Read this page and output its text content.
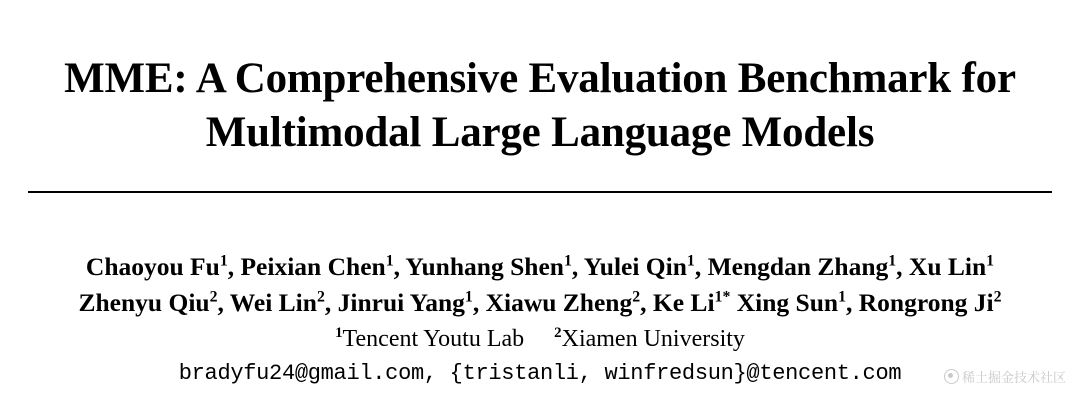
MME: A Comprehensive Evaluation Benchmark for
Multimodal Large Language Models
Chaoyou Fu$^1$, Peixian Chen$^1$, Yunhang Shen$^1$, Yulei Qin$^1$, Mengdan Zhang$^1$, Xu Lin$^1$
Zhenyu Qiu$^2$, Wei Lin$^2$, Jinrui Yang$^1$, Xiawu Zheng$^2$, Ke $Li^{1*}$ Xing Sun$^1$, Rongrong Ji$^2$
$^1$Tencent Youtu Lab $^2$Xiamen University
bradyfu24@gmail.com, {tristanli, winfredsun}@tencent.com	稀土掘金技术社区
